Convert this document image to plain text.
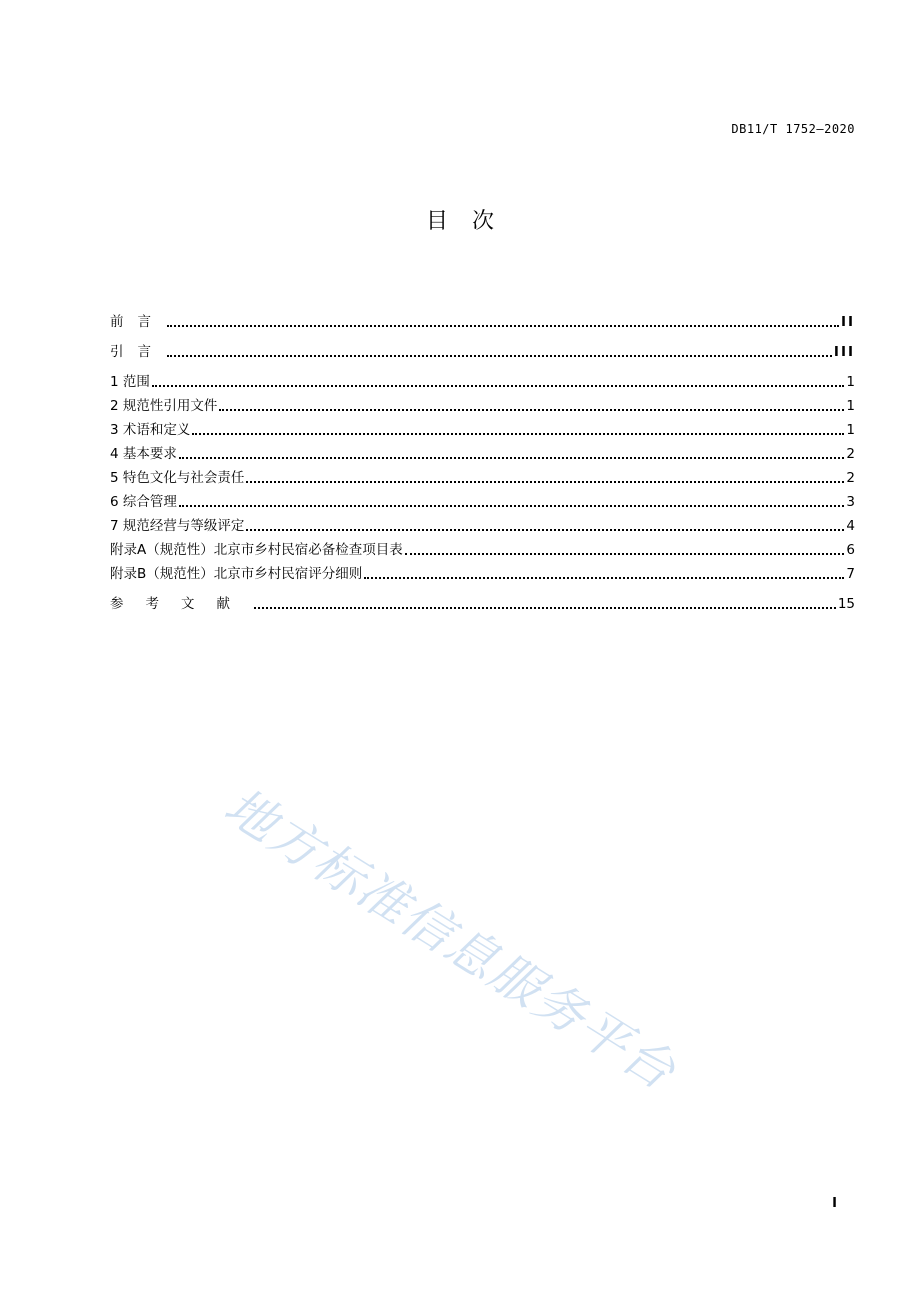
DB11/T 1752—2020
目次
前言	II
引言	III
1 范围	1
2 规范性引用文件	1
3 术语和定义	1
4 基本要求	2
5 特色文化与社会责任	2
6 综合管理	3
7 规范经营与等级评定	4
附录A（规范性）北京市乡村民宿必备检查项目表	6
附录B（规范性）北京市乡村民宿评分细则	7
参考文献	15
地方标准信息服务平台
I
